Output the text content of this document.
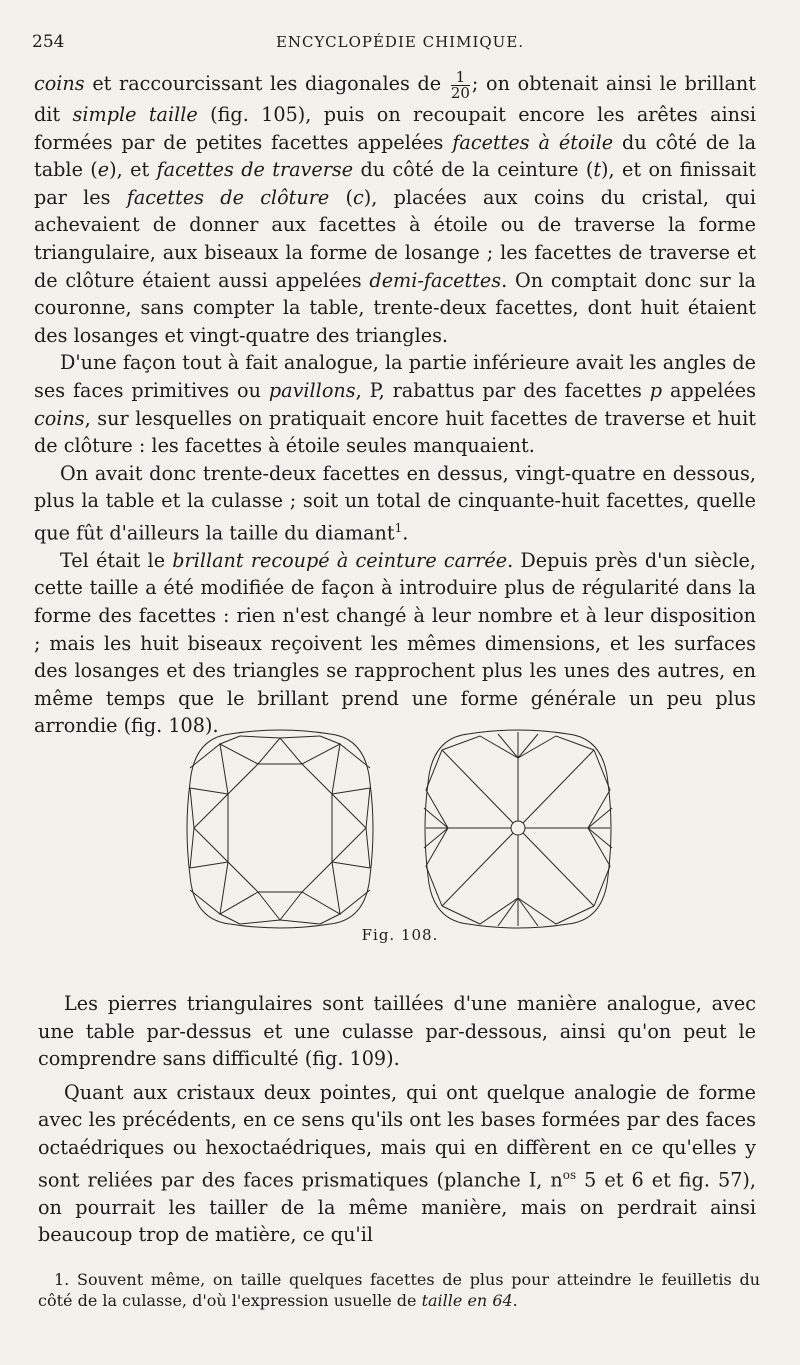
254	ENCYCLOPÉDIE CHIMIQUE.

coins et raccourcissant les diagonales de $\frac{1}{20}$ ; on obtenait ainsi le brillant dit simple taille (fig. 105), puis on recoupait encore les arêtes ainsi formées par de petites facettes appelées facettes à étoile du côté de la table (e), et facettes de traverse du côté de la ceinture (t), et on finissait par les facettes de clôture (c), placées aux coins du cristal, qui achevaient de donner aux facettes à étoile ou de traverse la forme triangulaire, aux biseaux la forme de losange ; les facettes de traverse et de clôture étaient aussi appelées demi-facettes. On comptait donc sur la couronne, sans compter la table, trente-deux facettes, dont huit étaient des losanges et vingt-quatre des triangles.

D'une façon tout à fait analogue, la partie inférieure avait les angles de ses faces primitives ou pavillons, P, rabattus par des facettes p appelées coins, sur lesquelles on pratiquait encore huit facettes de traverse et huit de clôture : les facettes à étoile seules manquaient.

On avait donc trente-deux facettes en dessus, vingt-quatre en dessous, plus la table et la culasse ; soit un total de cinquante-huit facettes, quelle que fût d'ailleurs la taille du diamant$^1$.

Tel était le brillant recoupé à ceinture carrée. Depuis près d'un siècle, cette taille a été modifiée de façon à introduire plus de régularité dans la forme des facettes : rien n'est changé à leur nombre et à leur disposition ; mais les huit biseaux reçoivent les mêmes dimensions, et les surfaces des losanges et des triangles se rapprochent plus les unes des autres, en même temps que le brillant prend une forme générale un peu plus arrondie (fig. 108).

Fig. 108.

Les pierres triangulaires sont taillées d'une manière analogue, avec une table par-dessus et une culasse par-dessous, ainsi qu'on peut le comprendre sans difficulté (fig. 109).

Quant aux cristaux deux pointes, qui ont quelque analogie de forme avec les précédents, en ce sens qu'ils ont les bases formées par des faces octaédriques ou hexoctaédriques, mais qui en diffèrent en ce qu'elles y sont reliées par des faces prismatiques (planche I, $n^{os}$ 5 et 6 et fig. 57), on pourrait les tailler de la même manière, mais on perdrait ainsi beaucoup trop de matière, ce qu'il

1. Souvent même, on taille quelques facettes de plus pour atteindre le feuilletis du côté de la culasse, d'où l'expression usuelle de taille en 64.
